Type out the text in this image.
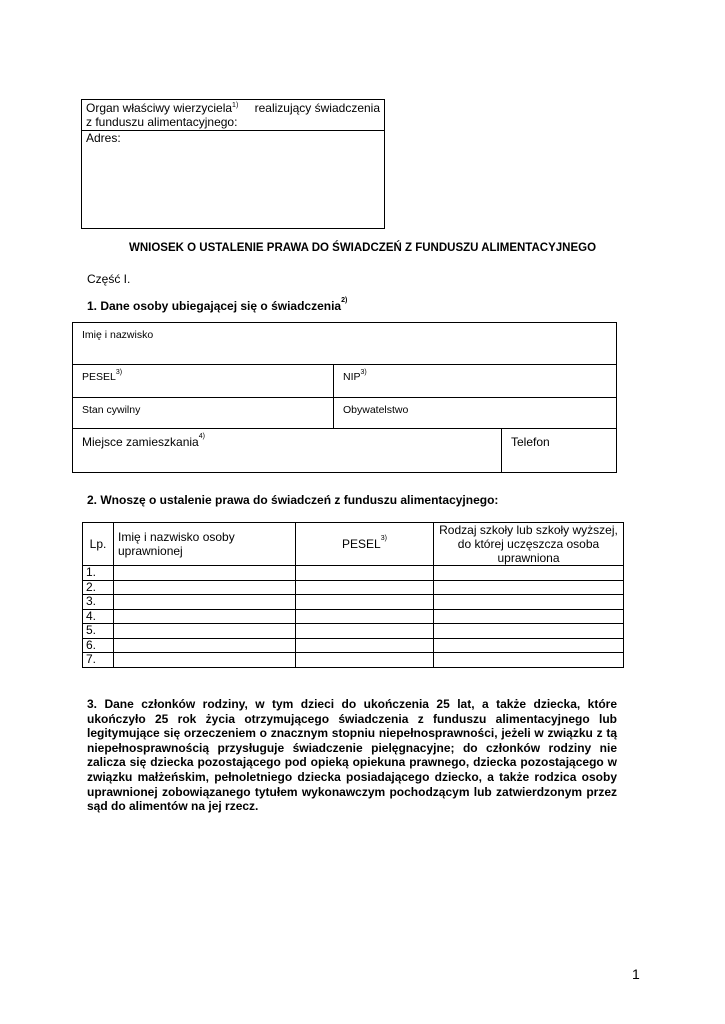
Organ właściwy wierzyciela$^{1)}$ realizujący świadczenia
z funduszu alimentacyjnego:
Adres:
WNIOSEK O USTALENIE PRAWA DO ŚWIADCZEŃ Z FUNDUSZU ALIMENTACYJNEGO
Część I.
1. Dane osoby ubiegającej się o świadczenia$^{2)}$
Imię i nazwisko
PESEL$^{3)}$	NIP$^{3)}$
Stan cywilny	Obywatelstwo
Miejsce zamieszkania$^{4)}$	Telefon
2. Wnoszę o ustalenie prawa do świadczeń z funduszu alimentacyjnego:
Lp.	Imię i nazwisko osoby uprawnionej	PESEL$^{3)}$	Rodzaj szkoły lub szkoły wyższej, do której uczęszcza osoba uprawniona
1.			
2.			
3.			
4.			
5.			
6.			
7.			
3. Dane członków rodziny, w tym dzieci do ukończenia 25 lat, a także dziecka, które ukończyło 25 rok życia otrzymującego świadczenia z funduszu alimentacyjnego lub legitymujące się orzeczeniem o znacznym stopniu niepełnosprawności, jeżeli w związku z tą niepełnosprawnością przysługuje świadczenie pielęgnacyjne; do członków rodziny nie zalicza się dziecka pozostającego pod opieką opiekuna prawnego, dziecka pozostającego w związku małżeńskim, pełnoletniego dziecka posiadającego dziecko, a także rodzica osoby uprawnionej zobowiązanego tytułem wykonawczym pochodzącym lub zatwierdzonym przez sąd do alimentów na jej rzecz.
1
